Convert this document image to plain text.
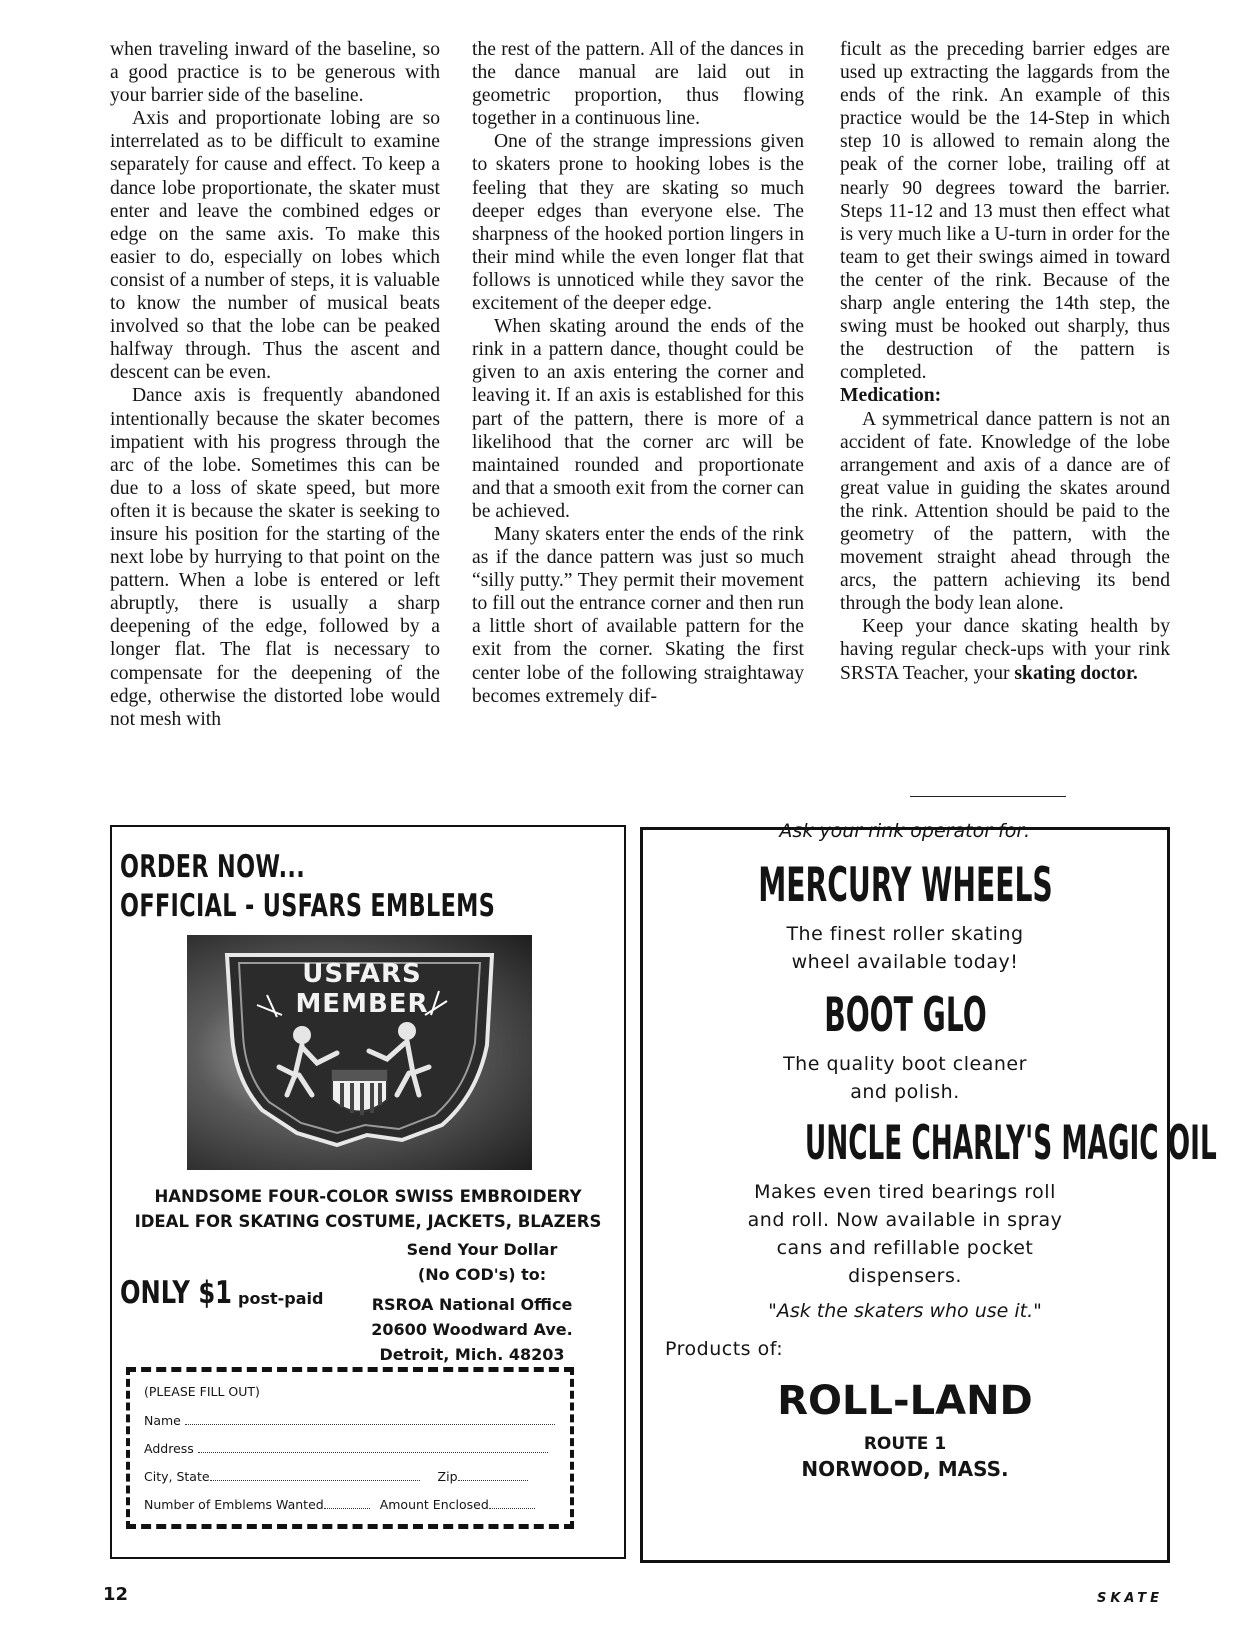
when traveling inward of the baseline, so a good practice is to be generous with your barrier side of the baseline.

Axis and proportionate lobing are so interrelated as to be difficult to examine separately for cause and effect. To keep a dance lobe proportionate, the skater must enter and leave the combined edges or edge on the same axis. To make this easier to do, especially on lobes which consist of a number of steps, it is valuable to know the number of musical beats involved so that the lobe can be peaked halfway through. Thus the ascent and descent can be even.

Dance axis is frequently abandoned intentionally because the skater becomes impatient with his progress through the arc of the lobe. Sometimes this can be due to a loss of skate speed, but more often it is because the skater is seeking to insure his position for the starting of the next lobe by hurrying to that point on the pattern. When a lobe is entered or left abruptly, there is usually a sharp deepening of the edge, followed by a longer flat. The flat is necessary to compensate for the deepening of the edge, otherwise the distorted lobe would not mesh with

the rest of the pattern. All of the dances in the dance manual are laid out in geometric proportion, thus flowing together in a continuous line.

One of the strange impressions given to skaters prone to hooking lobes is the feeling that they are skating so much deeper edges than everyone else. The sharpness of the hooked portion lingers in their mind while the even longer flat that follows is unnoticed while they savor the excitement of the deeper edge.

When skating around the ends of the rink in a pattern dance, thought could be given to an axis entering the corner and leaving it. If an axis is established for this part of the pattern, there is more of a likelihood that the corner arc will be maintained rounded and proportionate and that a smooth exit from the corner can be achieved.

Many skaters enter the ends of the rink as if the dance pattern was just so much “silly putty.” They permit their movement to fill out the entrance corner and then run a little short of available pattern for the exit from the corner. Skating the first center lobe of the following straightaway becomes extremely dif-

ficult as the preceding barrier edges are used up extracting the laggards from the ends of the rink. An example of this practice would be the 14-Step in which step 10 is allowed to remain along the peak of the corner lobe, trailing off at nearly 90 degrees toward the barrier. Steps 11-12 and 13 must then effect what is very much like a U-turn in order for the team to get their swings aimed in toward the center of the rink. Because of the sharp angle entering the 14th step, the swing must be hooked out sharply, thus the destruction of the pattern is completed.

Medication:

A symmetrical dance pattern is not an accident of fate. Knowledge of the lobe arrangement and axis of a dance are of great value in guiding the skates around the rink. Attention should be paid to the geometry of the pattern, with the movement straight ahead through the arcs, the pattern achieving its bend through the body lean alone.

Keep your dance skating health by having regular check-ups with your rink SRSTA Teacher, your skating doctor.

ORDER NOW...
OFFICIAL - USFARS EMBLEMS
USFARS MEMBER
HANDSOME FOUR-COLOR SWISS EMBROIDERY
IDEAL FOR SKATING COSTUME, JACKETS, BLAZERS
Send Your Dollar
(No COD's) to:
ONLY $1 post-paid	RSROA National Office
20600 Woodward Ave.
Detroit, Mich. 48203
(PLEASE FILL OUT)
Name
Address
City, State	Zip
Number of Emblems Wanted	Amount Enclosed
Ask your rink operator for:
MERCURY WHEELS
The finest roller skating
wheel available today!
BOOT GLO
The quality boot cleaner
and polish.
UNCLE CHARLY'S MAGIC OIL
Makes even tired bearings roll
and roll. Now available in spray
cans and refillable pocket
dispensers.
"Ask the skaters who use it."
Products of:
ROLL-LAND
ROUTE 1
NORWOOD, MASS.
12	SKATE
